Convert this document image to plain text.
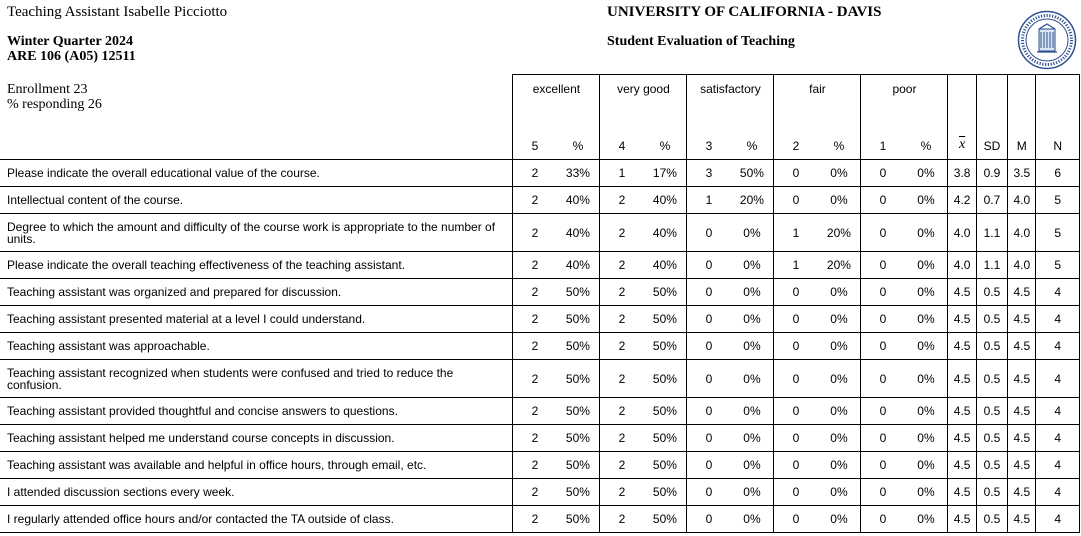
Teaching Assistant Isabelle Picciotto
Winter Quarter 2024
ARE 106 (A05) 12511
Enrollment 23
% responding 26
UNIVERSITY OF CALIFORNIA - DAVIS
Student Evaluation of Teaching
	excellent		very good		satisfactory		fair		poor					
	5	%	4	%	3	%	2	%	1	%	$\overline{x}$	SD	M	N
Please indicate the overall educational value of the course.	2	33%	1	17%	3	50%	0	0%	0	0%	3.8	0.9	3.5	6
Intellectual content of the course.	2	40%	2	40%	1	20%	0	0%	0	0%	4.2	0.7	4.0	5
Degree to which the amount and difficulty of the course work is appropriate to the number of units.	2	40%	2	40%	0	0%	1	20%	0	0%	4.0	1.1	4.0	5
Please indicate the overall teaching effectiveness of the teaching assistant.	2	40%	2	40%	0	0%	1	20%	0	0%	4.0	1.1	4.0	5
Teaching assistant was organized and prepared for discussion.	2	50%	2	50%	0	0%	0	0%	0	0%	4.5	0.5	4.5	4
Teaching assistant presented material at a level I could understand.	2	50%	2	50%	0	0%	0	0%	0	0%	4.5	0.5	4.5	4
Teaching assistant was approachable.	2	50%	2	50%	0	0%	0	0%	0	0%	4.5	0.5	4.5	4
Teaching assistant recognized when students were confused and tried to reduce the confusion.	2	50%	2	50%	0	0%	0	0%	0	0%	4.5	0.5	4.5	4
Teaching assistant provided thoughtful and concise answers to questions.	2	50%	2	50%	0	0%	0	0%	0	0%	4.5	0.5	4.5	4
Teaching assistant helped me understand course concepts in discussion.	2	50%	2	50%	0	0%	0	0%	0	0%	4.5	0.5	4.5	4
Teaching assistant was available and helpful in office hours, through email, etc.	2	50%	2	50%	0	0%	0	0%	0	0%	4.5	0.5	4.5	4
I attended discussion sections every week.	2	50%	2	50%	0	0%	0	0%	0	0%	4.5	0.5	4.5	4
I regularly attended office hours and/or contacted the TA outside of class.	2	50%	2	50%	0	0%	0	0%	0	0%	4.5	0.5	4.5	4
